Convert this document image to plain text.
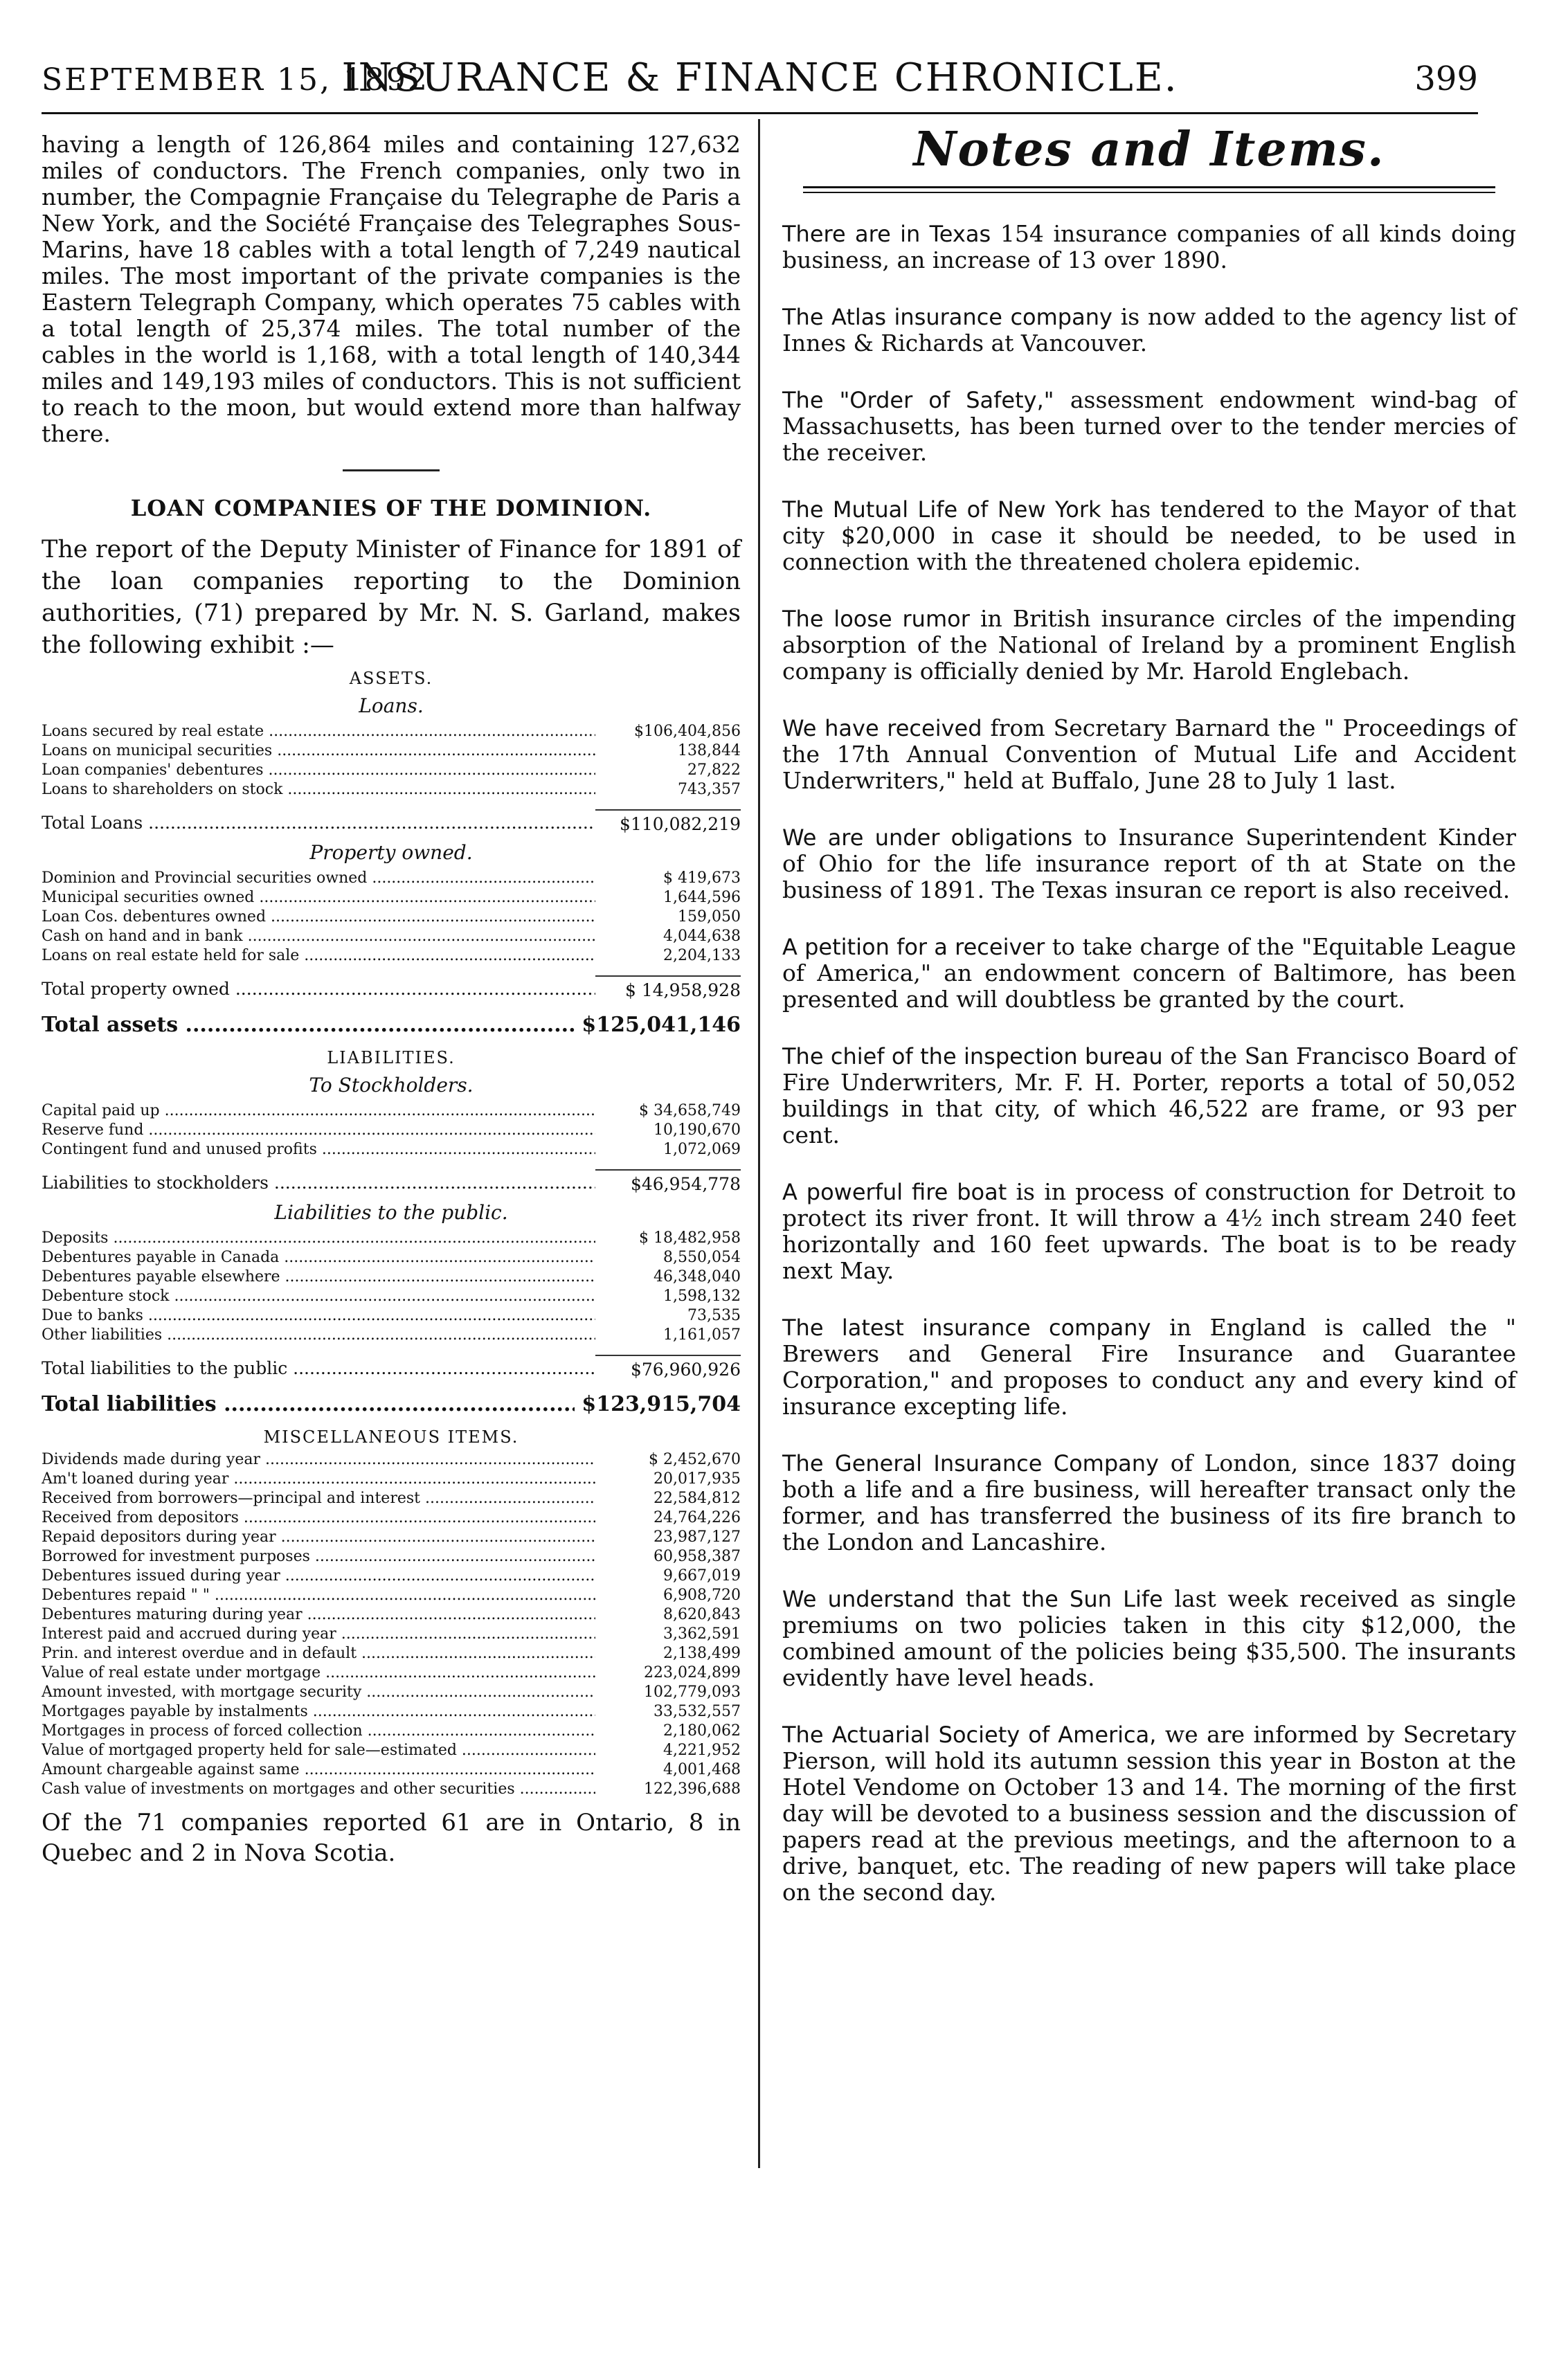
SEPTEMBER 15, 1892
INSURANCE & FINANCE CHRONICLE.	399

having a length of 126,864 miles and containing 127,632 miles of conductors. The French companies, only two in number, the Compagnie Française du Telegraphe de Paris a New York, and the Société Française des Telegraphes Sous-Marins, have 18 cables with a total length of 7,249 nautical miles. The most important of the private companies is the Eastern Telegraph Company, which operates 75 cables with a total length of 25,374 miles. The total number of the cables in the world is 1,168, with a total length of 140,344 miles and 149,193 miles of conductors. This is not sufficient to reach to the moon, but would extend more than halfway there.

LOAN COMPANIES OF THE DOMINION.

The report of the Deputy Minister of Finance for 1891 of the loan companies reporting to the Dominion authorities, (71) prepared by Mr. N. S. Garland, makes the following exhibit :—

ASSETS.
Loans.
Loans secured by real estate .....	$106,404,856
Loans on municipal securities .....	138,844
Loan companies' debentures .....	27,822
Loans to shareholders on stock .....	743,357
Total Loans .....	$110,082,219
Property owned.
Dominion and Provincial securities owned .....	$ 419,673
Municipal securities owned .....	1,644,596
Loan Cos. debentures owned .....	159,050
Cash on hand and in bank .....	4,044,638
Loans on real estate held for sale .....	2,204,133
Total property owned .....	$ 14,958,928
Total assets .....	$125,041,146
LIABILITIES.
To Stockholders.
Capital paid up .....	$ 34,658,749
Reserve fund .....	10,190,670
Contingent fund and unused profits .....	1,072,069
Liabilities to stockholders .....	$46,954,778
Liabilities to the public.
Deposits .....	$ 18,482,958
Debentures payable in Canada .....	8,550,054
Debentures payable elsewhere .....	46,348,040
Debenture stock .....	1,598,132
Due to banks .....	73,535
Other liabilities .....	1,161,057
Total liabilities to the public .....	$76,960,926
Total liabilities .....	$123,915,704
MISCELLANEOUS ITEMS.
Dividends made during year .....	$ 2,452,670
Am't loaned during year .....	20,017,935
Received from borrowers—principal and interest .....	22,584,812
Received from depositors .....	24,764,226
Repaid depositors during year .....	23,987,127
Borrowed for investment purposes .....	60,958,387
Debentures issued during year .....	9,667,019
Debentures repaid " " .....	6,908,720
Debentures maturing during year .....	8,620,843
Interest paid and accrued during year .....	3,362,591
Prin. and interest overdue and in default .....	2,138,499
Value of real estate under mortgage .....	223,024,899
Amount invested, with mortgage security .....	102,779,093
Mortgages payable by instalments .....	33,532,557
Mortgages in process of forced collection .....	2,180,062
Value of mortgaged property held for sale—estimated .....	4,221,952
Amount chargeable against same .....	4,001,468
Cash value of investments on mortgages and other securities .....	122,396,688

Of the 71 companies reported 61 are in Ontario, 8 in Quebec and 2 in Nova Scotia.

Notes and Items.

There are in Texas 154 insurance companies of all kinds doing business, an increase of 13 over 1890.

The Atlas insurance company is now added to the agency list of Innes & Richards at Vancouver.

The "Order of Safety," assessment endowment wind-bag of Massachusetts, has been turned over to the tender mercies of the receiver.

The Mutual Life of New York has tendered to the Mayor of that city $20,000 in case it should be needed, to be used in connection with the threatened cholera epidemic.

The loose rumor in British insurance circles of the impending absorption of the National of Ireland by a prominent English company is officially denied by Mr. Harold Englebach.

We have received from Secretary Barnard the " Proceedings of the 17th Annual Convention of Mutual Life and Accident Underwriters," held at Buffalo, June 28 to July 1 last.

We are under obligations to Insurance Superintendent Kinder of Ohio for the life insurance report of th at State on the business of 1891. The Texas insuran ce report is also received.

A petition for a receiver to take charge of the "Equitable League of America," an endowment concern of Baltimore, has been presented and will doubtless be granted by the court.

The chief of the inspection bureau of the San Francisco Board of Fire Underwriters, Mr. F. H. Porter, reports a total of 50,052 buildings in that city, of which 46,522 are frame, or 93 per cent.

A powerful fire boat is in process of construction for Detroit to protect its river front. It will throw a 4½ inch stream 240 feet horizontally and 160 feet upwards. The boat is to be ready next May.

The latest insurance company in England is called the " Brewers and General Fire Insurance and Guarantee Corporation," and proposes to conduct any and every kind of insurance excepting life.

The General Insurance Company of London, since 1837 doing both a life and a fire business, will hereafter transact only the former, and has transferred the business of its fire branch to the London and Lancashire.

We understand that the Sun Life last week received as single premiums on two policies taken in this city $12,000, the combined amount of the policies being $35,500. The insurants evidently have level heads.

The Actuarial Society of America, we are informed by Secretary Pierson, will hold its autumn session this year in Boston at the Hotel Vendome on October 13 and 14. The morning of the first day will be devoted to a business session and the discussion of papers read at the previous meetings, and the afternoon to a drive, banquet, etc. The reading of new papers will take place on the second day.
